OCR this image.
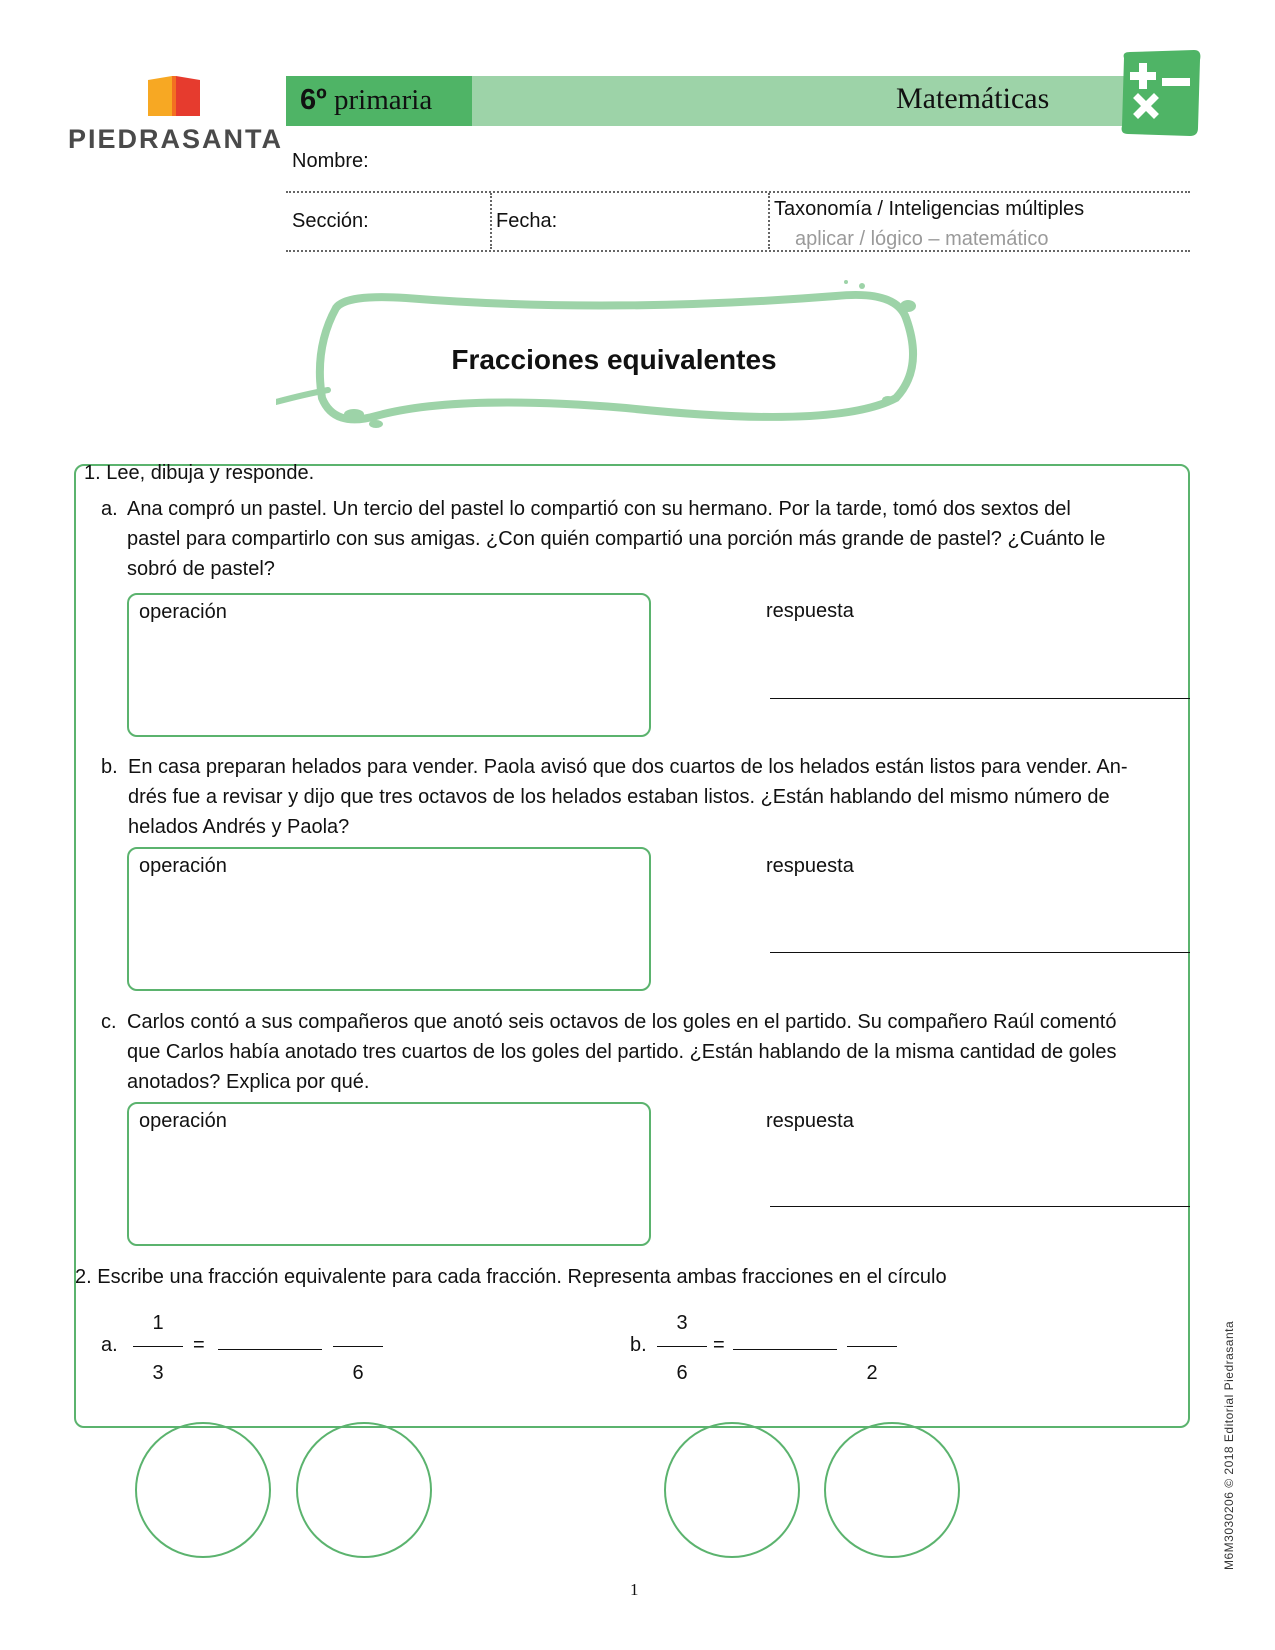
PIEDRASANTA
6º primaria	Matemáticas
Nombre:
Sección:	Fecha:
Taxonomía / Inteligencias múltiples
aplicar / lógico – matemático
Fracciones equivalentes
1. Lee, dibuja y responde.
a. Ana compró un pastel. Un tercio del pastel lo compartió con su hermano. Por la tarde, tomó dos sextos del
pastel para compartirlo con sus amigas. ¿Con quién compartió una porción más grande de pastel? ¿Cuánto le
sobró de pastel?
operación	respuesta
b. En casa preparan helados para vender. Paola avisó que dos cuartos de los helados están listos para vender. An-
drés fue a revisar y dijo que tres octavos de los helados estaban listos. ¿Están hablando del mismo número de
helados Andrés y Paola?
operación	respuesta
c. Carlos contó a sus compañeros que anotó seis octavos de los goles en el partido. Su compañero Raúl comentó
que Carlos había anotado tres cuartos de los goles del partido. ¿Están hablando de la misma cantidad de goles
anotados? Explica por qué.
operación	respuesta
2. Escribe una fracción equivalente para cada fracción. Representa ambas fracciones en el círculo
a.
1
3
=
6
b.
3
6
=
2
1
M6M3030206 © 2018 Editorial Piedrasanta
